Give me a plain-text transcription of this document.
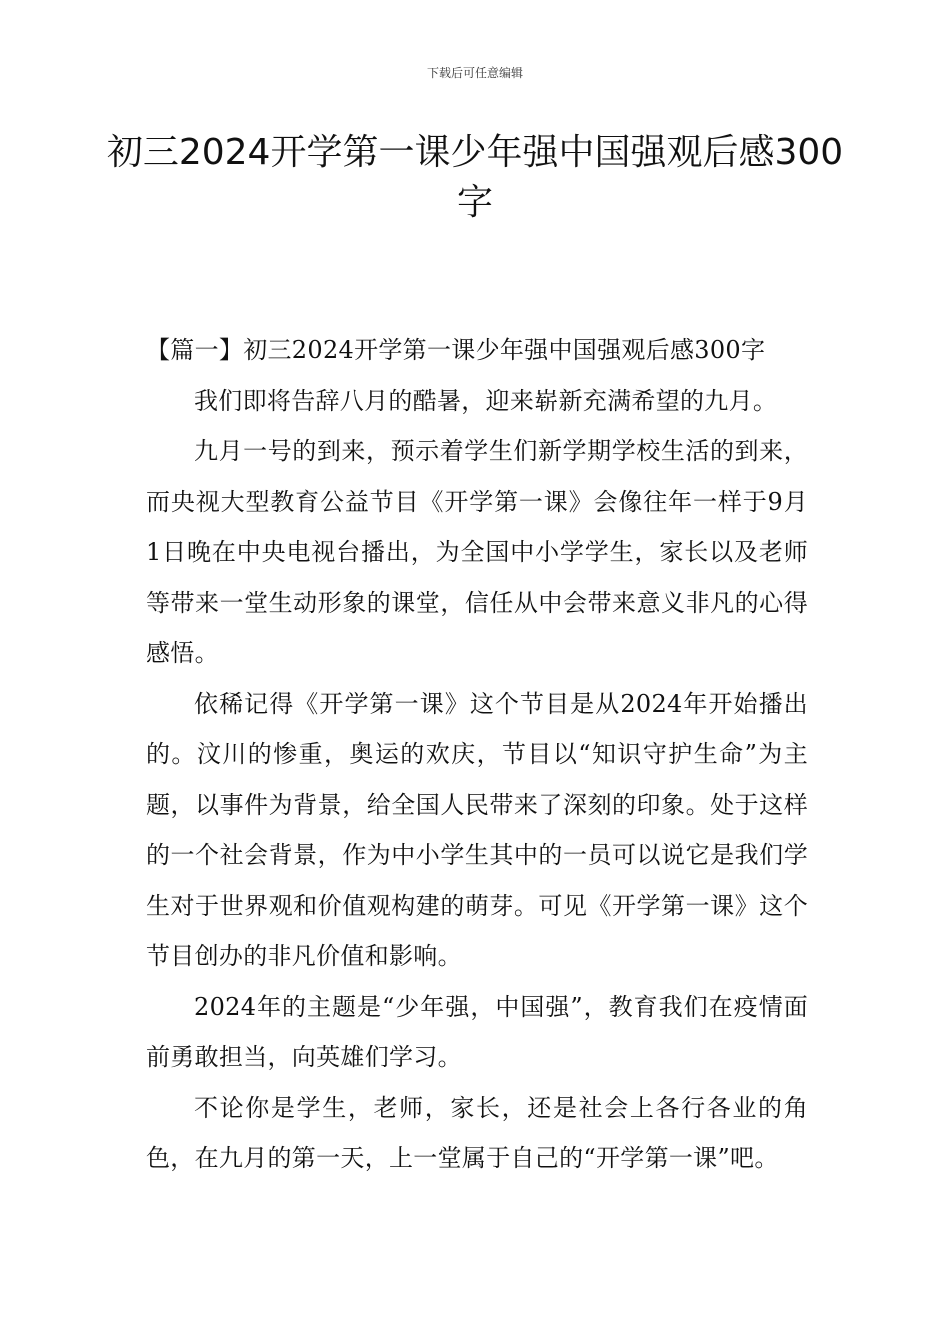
下载后可任意编辑
初三2024开学第一课少年强中国强观后感300字

【篇一】初三2024开学第一课少年强中国强观后感300字

我们即将告辞八月的酷暑，迎来崭新充满希望的九月。

九月一号的到来，预示着学生们新学期学校生活的到来，而央视大型教育公益节目《开学第一课》会像往年一样于9月1日晚在中央电视台播出，为全国中小学学生，家长以及老师等带来一堂生动形象的课堂，信任从中会带来意义非凡的心得感悟。

依稀记得《开学第一课》这个节目是从2024年开始播出的。汶川的惨重，奥运的欢庆，节目以“知识守护生命”为主题，以事件为背景，给全国人民带来了深刻的印象。处于这样的一个社会背景，作为中小学生其中的一员可以说它是我们学生对于世界观和价值观构建的萌芽。可见《开学第一课》这个节目创办的非凡价值和影响。

2024年的主题是“少年强，中国强”，教育我们在疫情面前勇敢担当，向英雄们学习。

不论你是学生，老师，家长，还是社会上各行各业的角色，在九月的第一天，上一堂属于自己的“开学第一课”吧。
